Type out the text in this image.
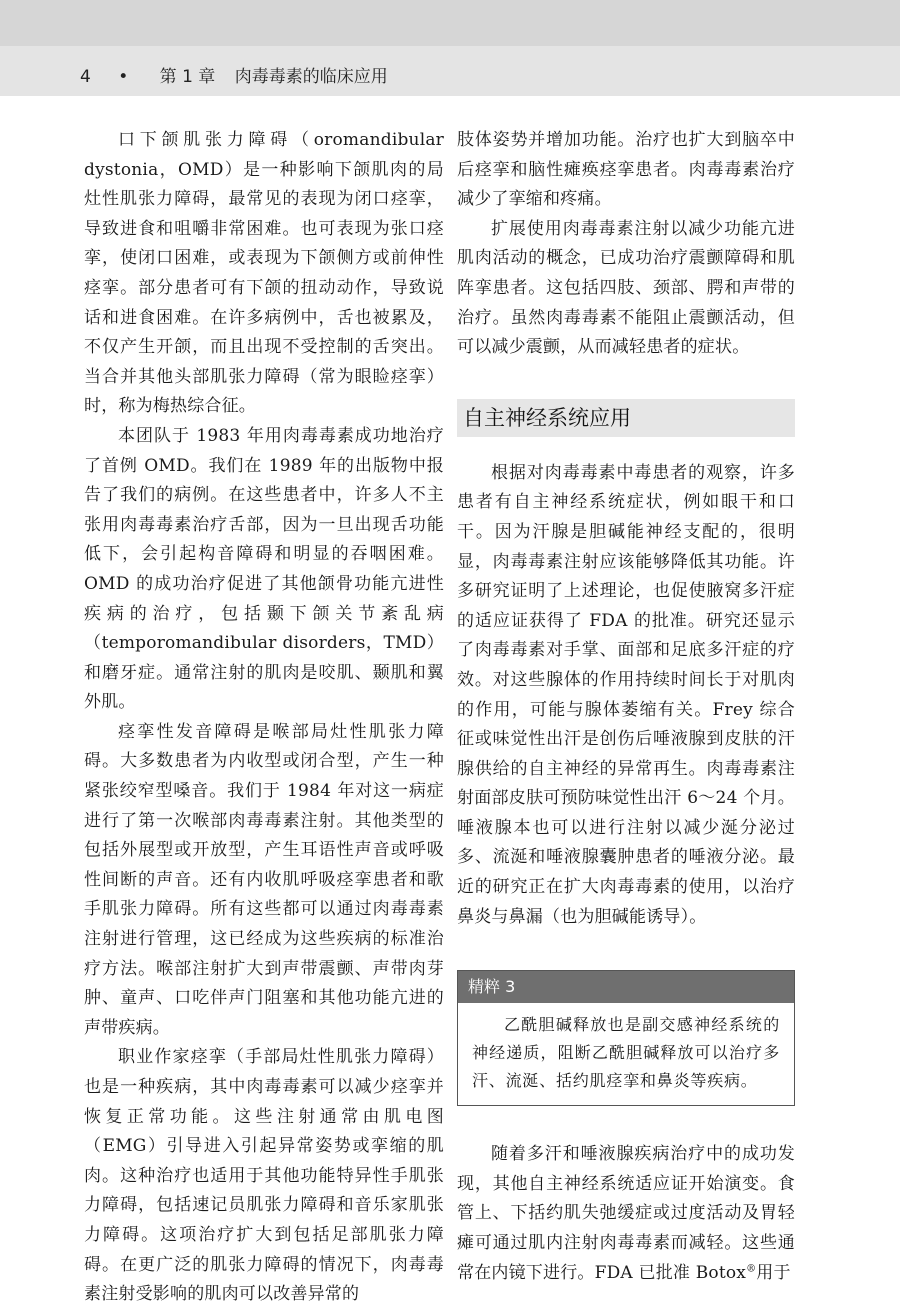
4 • 第 1 章 肉毒毒素的临床应用

口下颌肌张力障碍（oromandibular dystonia，OMD）是一种影响下颌肌肉的局灶性肌张力障碍，最常见的表现为闭口痉挛，导致进食和咀嚼非常困难。也可表现为张口痉挛，使闭口困难，或表现为下颌侧方或前伸性痉挛。部分患者可有下颌的扭动动作，导致说话和进食困难。在许多病例中，舌也被累及，不仅产生开颌，而且出现不受控制的舌突出。当合并其他头部肌张力障碍（常为眼睑痉挛）时，称为梅热综合征。

本团队于 1983 年用肉毒毒素成功地治疗了首例 OMD。我们在 1989 年的出版物中报告了我们的病例。在这些患者中，许多人不主张用肉毒毒素治疗舌部，因为一旦出现舌功能低下，会引起构音障碍和明显的吞咽困难。OMD 的成功治疗促进了其他颌骨功能亢进性疾病的治疗，包括颞下颌关节紊乱病（temporomandibular disorders，TMD）和磨牙症。通常注射的肌肉是咬肌、颞肌和翼外肌。

痉挛性发音障碍是喉部局灶性肌张力障碍。大多数患者为内收型或闭合型，产生一种紧张绞窄型嗓音。我们于 1984 年对这一病症进行了第一次喉部肉毒毒素注射。其他类型的包括外展型或开放型，产生耳语性声音或呼吸性间断的声音。还有内收肌呼吸痉挛患者和歌手肌张力障碍。所有这些都可以通过肉毒毒素注射进行管理，这已经成为这些疾病的标准治疗方法。喉部注射扩大到声带震颤、声带肉芽肿、童声、口吃伴声门阻塞和其他功能亢进的声带疾病。

职业作家痉挛（手部局灶性肌张力障碍）也是一种疾病，其中肉毒毒素可以减少痉挛并恢复正常功能。这些注射通常由肌电图（EMG）引导进入引起异常姿势或挛缩的肌肉。这种治疗也适用于其他功能特异性手肌张力障碍，包括速记员肌张力障碍和音乐家肌张力障碍。这项治疗扩大到包括足部肌张力障碍。在更广泛的肌张力障碍的情况下，肉毒毒素注射受影响的肌肉可以改善异常的

肢体姿势并增加功能。治疗也扩大到脑卒中后痉挛和脑性瘫痪痉挛患者。肉毒毒素治疗减少了挛缩和疼痛。

扩展使用肉毒毒素注射以减少功能亢进肌肉活动的概念，已成功治疗震颤障碍和肌阵挛患者。这包括四肢、颈部、腭和声带的治疗。虽然肉毒毒素不能阻止震颤活动，但可以减少震颤，从而减轻患者的症状。

自主神经系统应用

根据对肉毒毒素中毒患者的观察，许多患者有自主神经系统症状，例如眼干和口干。因为汗腺是胆碱能神经支配的，很明显，肉毒毒素注射应该能够降低其功能。许多研究证明了上述理论，也促使腋窝多汗症的适应证获得了 FDA 的批准。研究还显示了肉毒毒素对手掌、面部和足底多汗症的疗效。对这些腺体的作用持续时间长于对肌肉的作用，可能与腺体萎缩有关。Frey 综合征或味觉性出汗是创伤后唾液腺到皮肤的汗腺供给的自主神经的异常再生。肉毒毒素注射面部皮肤可预防味觉性出汗 6～24 个月。唾液腺本也可以进行注射以减少涎分泌过多、流涎和唾液腺囊肿患者的唾液分泌。最近的研究正在扩大肉毒毒素的使用，以治疗鼻炎与鼻漏（也为胆碱能诱导）。

精粹 3
乙酰胆碱释放也是副交感神经系统的神经递质，阻断乙酰胆碱释放可以治疗多汗、流涎、括约肌痉挛和鼻炎等疾病。

随着多汗和唾液腺疾病治疗中的成功发现，其他自主神经系统适应证开始演变。食管上、下括约肌失弛缓症或过度活动及胃轻瘫可通过肌内注射肉毒毒素而减轻。这些通常在内镜下进行。FDA 已批准 Botox®用于
